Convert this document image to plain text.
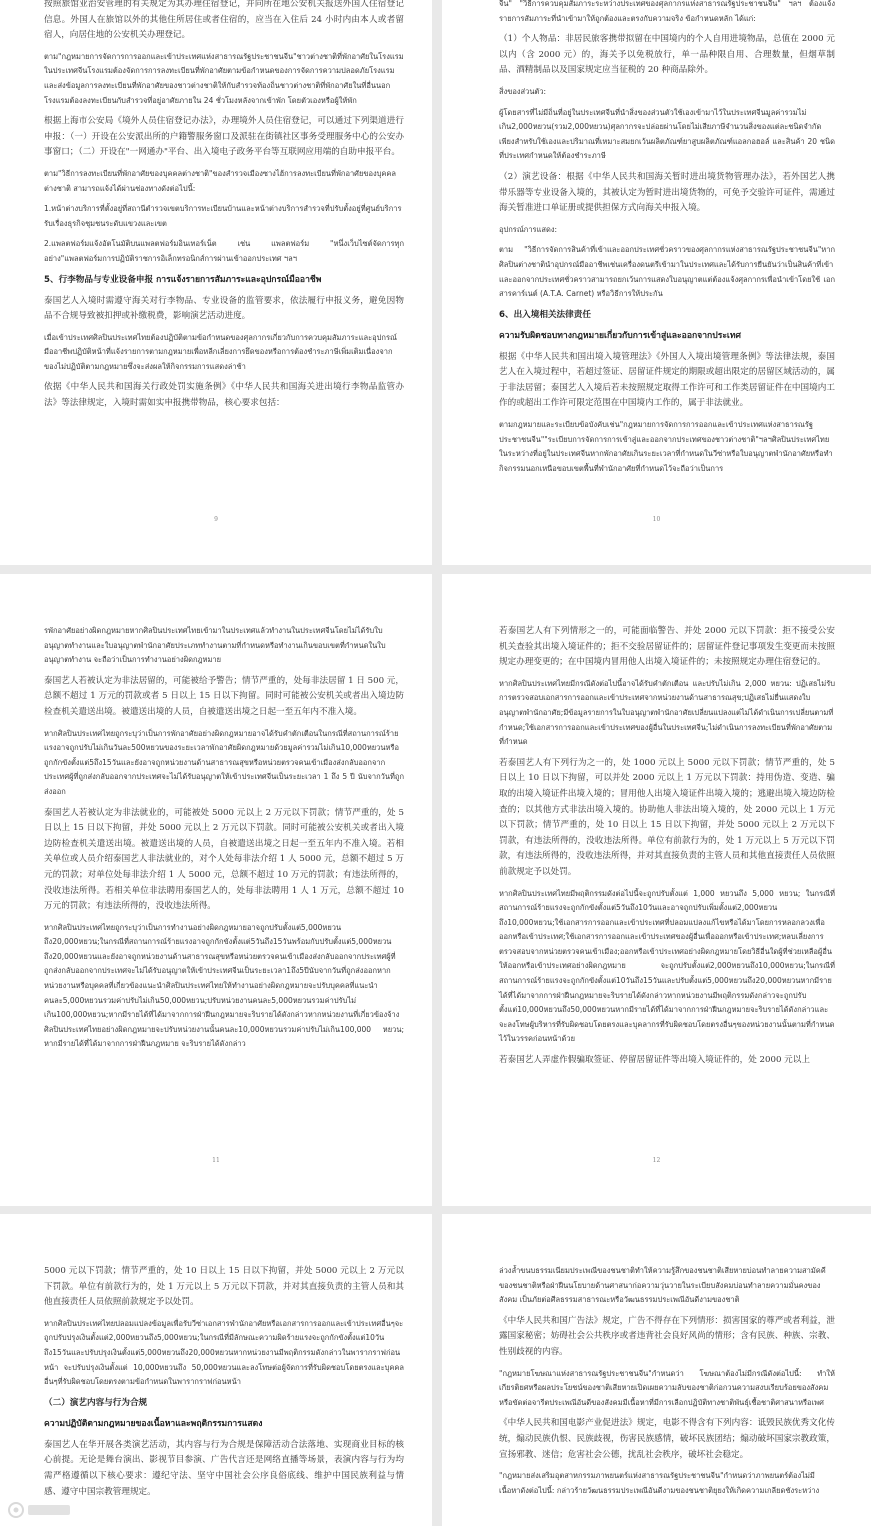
按照旅馆业治安管理的有关规定为其办理住宿登记，并向所在地公安机关报送外国人住宿登记信息。外国人在旅馆以外的其他住所居住或者住宿的，应当在入住后 24 小时内由本人或者留宿人，向居住地的公安机关办理登记。
ตาม"กฎหมายการจัดการการออกและเข้าประเทศแห่งสาธารณรัฐประชาชนจีน"ชาวต่างชาติที่พักอาศัยในโรงแรมในประเทศจีนโรงแรมต้องจัดการการลงทะเบียนที่พักอาศัยตามข้อกำหนดของการจัดการความปลอดภัยโรงแรมและส่งข้อมูลการลงทะเบียนที่พักอาศัยของชาวต่างชาติให้กับสำรวจท้องถิ่นชาวต่างชาติที่พักอาศัยในที่อื่นนอกโรงแรมต้องลงทะเบียนกับสำรวจที่อยู่อาศัยภายใน 24 ชั่วโมงหลังจากเข้าพัก โดยตัวเองหรือผู้ให้พัก
根据上海市公安局《境外人员住宿登记办法》，办理境外人员住宿登记，可以通过下列渠道进行申报：（一）开设在公安派出所的户籍警服务窗口及派驻在街镇社区事务受理服务中心的公安办事窗口；（二）开设在"一网通办"平台、出入境电子政务平台等互联网应用端的自助申报平台。
ตาม"วิธีการลงทะเบียนที่พักอาศัยของบุคคลต่างชาติ"ของสำรวจเมืองซางไฮ้การลงทะเบียนที่พักอาศัยของบุคคลต่างชาติ สามารถแจ้งได้ผ่านช่องทางดังต่อไปนี้:
1.หน้าต่างบริการที่ตั้งอยู่ที่สถานีตำรวจเขตบริการทะเบียนบ้านและหน้าต่างบริการสำรวจที่ปรับตั้งอยู่ที่ศูนย์บริการรับเรื่องธุรกิจชุมชนระดับแขวงและเขต
2.แพลตฟอร์มแจ้งอัตโนมัติบนแพลตฟอร์มอินเทอร์เน็ต เช่น แพลตฟอร์ม "หนึ่งเว็บไซต์จัดการทุกอย่าง"แพลตฟอร์มการปฏิบัติราชการอิเล็กทรอนิกส์การผ่านเข้าออกประเทศ ฯลฯ
5、行李物品与专业设备申报 การแจ้งรายการสัมภาระและอุปกรณ์มืออาชีพ
泰国艺人入境时需遵守海关对行李物品、专业设备的监管要求，依法履行申报义务，避免因物品不合规导致被扣押或补缴税费，影响演艺活动进度。
เมื่อเข้าประเทศศิลปินประเทศไทยต้องปฏิบัติตามข้อกำหนดของศุลกากรเกี่ยวกับการควบคุมสัมภาระและอุปกรณ์มืออาชีพปฏิบัติหน้าที่แจ้งรายการตามกฎหมายเพื่อหลีกเลี่ยงการยึดของหรือการต้องชำระภาษีเพิ่มเติมเนื่องจากของไม่ปฏิบัติตามกฎหมายซึ่งจะส่งผลให้กิจกรรมการแสดงล่าช้า
依据《中华人民共和国海关行政处罚实施条例》《中华人民共和国海关进出境行李物品监管办法》等法律规定，入境时需如实申报携带物品，核心要求包括：
9
จีน" "วิธีการควบคุมสัมภาระระหว่างประเทศของศุลกากรแห่งสาธารณรัฐประชาชนจีน" ฯลฯ ต้องแจ้งรายการสัมภาระที่นำเข้ามาให้ถูกต้องและตรงกับความจริง ข้อกำหนดหลัก ได้แก่:
（1）个人物品：非居民旅客携带拟留在中国境内的个人自用进境物品，总值在 2000 元以内（含 2000 元）的，海关予以免税放行，单一品种限自用、合理数量，但烟草制品、酒精制品以及国家规定应当征税的 20 种商品除外。
สิ่งของส่วนตัว:
ผู้โดยสารที่ไม่มีถิ่นที่อยู่ในประเทศจีนที่นำสิ่งของส่วนตัวใช้เองเข้ามาไว้ในประเทศจีนมูลค่ารวมไม่เกิน2,000หยวน(รวม2,000หยวน)ศุลกากรจะปล่อยผ่านโดยไม่เสียภาษีจำนวนสิ่งของแต่ละชนิดจำกัดเพียงสำหรับใช้เองและปริมาณที่เหมาะสมยกเว้นผลิตภัณฑ์ยาสูบผลิตภัณฑ์แอลกอฮอล์ และสินค้า 20 ชนิดที่ประเทศกำหนดให้ต้องชำระภาษี
（2）演艺设备：根据《中华人民共和国海关暂时进出境货物管理办法》，若外国艺人携带乐器等专业设备入境的，其被认定为暂时进出境货物的，可免予交验许可证件，需通过海关暂准进口单证册或提供担保方式向海关申报入境。
อุปกรณ์การแสดง:
ตาม "วิธีการจัดการสินค้าที่เข้าและออกประเทศชั่วคราวของศุลกากรแห่งสาธารณรัฐประชาชนจีน"หากศิลปินต่างชาตินำอุปกรณ์มืออาชีพเช่นเครื่องดนตรีเข้ามาในประเทศและได้รับการยืนยันว่าเป็นสินค้าที่เข้าและออกจากประเทศชั่วคราวสามารถยกเว้นการแสดงใบอนุญาตแต่ต้องแจ้งศุลกากรเพื่อนำเข้าโดยใช้ เอกสารคาร์เนต์ (A.T.A. Carnet) หรือวิธีการให้ประกัน
6、出入境相关法律责任
ความรับผิดชอบทางกฎหมายเกี่ยวกับการเข้าสู่และออกจากประเทศ
根据《中华人民共和国出境入境管理法》《外国人入境出境管理条例》等法律法规，泰国艺人在入境过程中，若超过签证、居留证件规定的期限或超出限定的居留区域活动的，属于非法居留；泰国艺人入境后若未按照规定取得工作许可和工作类居留证件在中国境内工作的或超出工作许可限定范围在中国境内工作的，属于非法就业。
ตามกฎหมายและระเบียบข้อบังคับเช่น"กฎหมายการจัดการการออกและเข้าประเทศแห่งสาธารณรัฐประชาชนจีน""ระเบียบการจัดการการเข้าสู่และออกจากประเทศของชาวต่างชาติ"ฯลฯศิลปินประเทศไทยในระหว่างที่อยู่ในประเทศจีนหากพักอาศัยเกินระยะเวลาที่กำหนดในวีซ่าหรือใบอนุญาตพำนักอาศัยหรือทำกิจกรรมนอกเหนือขอบเขตพื้นที่พำนักอาศัยที่กำหนดไว้จะถือว่าเป็นการ
10
รพักอาศัยอย่างผิดกฎหมายหากศิลปินประเทศไทยเข้ามาในประเทศแล้วทำงานในประเทศจีนโดยไม่ได้รับใบอนุญาตทำงานและใบอนุญาตพำนักอาศัยประเภททำงานตามที่กำหนดหรือทำงานเกินขอบเขตที่กำหนดในใบอนุญาตทำงาน จะถือว่าเป็นการทำงานอย่างผิดกฎหมาย
泰国艺人若被认定为非法居留的，可能被给予警告；情节严重的，处每非法居留 1 日 500 元，总额不超过 1 万元的罚款或者 5 日以上 15 日以下拘留。同时可能被公安机关或者出入境边防检查机关遣送出境。被遣送出境的人员，自被遣送出境之日起一至五年内不准入境。
หากศิลปินประเทศไทยถูกระบุว่าเป็นการพักอาศัยอย่างผิดกฎหมายอาจได้รับคำตักเตือนในกรณีที่สถานการณ์ร้ายแรงอาจถูกปรับไม่เกินวันละ500หยวนของระยะเวลาพักอาศัยผิดกฎหมายด้วยมูลค่ารวมไม่เกิน10,000หยวนหรือถูกกักขังตั้งแต่5ถึง15วันและยังอาจถูกหน่วยงานด้านสาธารณสุขหรือหน่วยตรวจคนเข้าเมืองส่งกลับออกจากประเทศผู้ที่ถูกส่งกลับออกจากประเทศจะไม่ได้รับอนุญาตให้เข้าประเทศจีนเป็นระยะเวลา 1 ถึง 5 ปี นับจากวันที่ถูกส่งออก
泰国艺人若被认定为非法就业的，可能被处 5000 元以上 2 万元以下罚款；情节严重的，处 5 日以上 15 日以下拘留，并处 5000 元以上 2 万元以下罚款。同时可能被公安机关或者出入境边防检查机关遣送出境。被遣送出境的人员，自被遣送出境之日起一至五年内不准入境。若相关单位或人员介绍泰国艺人非法就业的，对个人处每非法介绍 1 人 5000 元，总额不超过 5 万元的罚款；对单位处每非法介绍 1 人 5000 元，总额不超过 10 万元的罚款；有违法所得的，没收违法所得。若相关单位非法聘用泰国艺人的，处每非法聘用 1 人 1 万元，总额不超过 10 万元的罚款；有违法所得的，没收违法所得。
หากศิลปินประเทศไทยถูกระบุว่าเป็นการทำงานอย่างผิดกฎหมายอาจถูกปรับตั้งแต่5,000หยวนถึง20,000หยวน;ในกรณีที่สถานการณ์ร้ายแรงอาจถูกกักขังตั้งแต่5วันถึง15วันพร้อมกับปรับตั้งแต่5,000หยวนถึง20,000หยวนและยังอาจถูกหน่วยงานด้านสาธารณสุขหรือหน่วยตรวจคนเข้าเมืองส่งกลับออกจากประเทศผู้ที่ถูกส่งกลับออกจากประเทศจะไม่ได้รับอนุญาตให้เข้าประเทศจีนเป็นระยะเวลา1ถึง5ปีนับจากวันที่ถูกส่งออกหากหน่วยงานหรือบุคคลที่เกี่ยวข้องแนะนำศิลปินประเทศไทยให้ทำงานอย่างผิดกฎหมายจะปรับบุคคลที่แนะนำคนละ5,000หยวนรวมค่าปรับไม่เกิน50,000หยวน;ปรับหน่วยงานคนละ5,000หยวนรวมค่าปรับไม่เกิน100,000หยวน;หากมีรายได้ที่ได้มาจากการฝ่าฝืนกฎหมายจะริบรายได้ดังกล่าวหากหน่วยงานที่เกี่ยวข้องจ้างศิลปินประเทศไทยอย่างผิดกฎหมายจะปรับหน่วยงานนั้นคนละ10,000หยวนรวมค่าปรับไม่เกิน100,000 หยวน; หากมีรายได้ที่ได้มาจากการฝ่าฝืนกฎหมาย จะริบรายได้ดังกล่าว
11
若泰国艺人有下列情形之一的，可能面临警告、并处 2000 元以下罚款：拒不接受公安机关查验其出境入境证件的；拒不交验居留证件的；居留证件登记事项发生变更而未按照规定办理变更的；在中国境内冒用他人出境入境证件的；未按照规定办理住宿登记的。
หากศิลปินประเทศไทยมีกรณีดังต่อไปนี้อาจได้รับคำตักเตือน และปรับไม่เกิน 2,000 หยวน: ปฏิเสธไม่รับการตรวจสอบเอกสารการออกและเข้าประเทศจากหน่วยงานด้านสาธารณสุข;ปฏิเสธไม่ยื่นแสดงใบอนุญาตพำนักอาศัย;มีข้อมูลรายการในใบอนุญาตพำนักอาศัยเปลี่ยนแปลงแต่ไม่ได้ดำเนินการเปลี่ยนตามที่กำหนด;ใช้เอกสารการออกและเข้าประเทศของผู้อื่นในประเทศจีน;ไม่ดำเนินการลงทะเบียนที่พักอาศัยตามที่กำหนด
若泰国艺人有下列行为之一的，处 1000 元以上 5000 元以下罚款；情节严重的，处 5 日以上 10 日以下拘留，可以并处 2000 元以上 1 万元以下罚款：持用伪造、变造、骗取的出境入境证件出境入境的；冒用他人出境入境证件出境入境的；逃避出境入境边防检查的；以其他方式非法出境入境的。协助他人非法出境入境的，处 2000 元以上 1 万元以下罚款；情节严重的，处 10 日以上 15 日以下拘留，并处 5000 元以上 2 万元以下罚款，有违法所得的，没收违法所得。单位有前款行为的，处 1 万元以上 5 万元以下罚款，有违法所得的，没收违法所得，并对其直接负责的主管人员和其他直接责任人员依照前款规定予以处罚。
หากศิลปินประเทศไทยมีพฤติกรรมดังต่อไปนี้จะถูกปรับตั้งแต่ 1,000 หยวนถึง 5,000 หยวน; ในกรณีที่สถานการณ์ร้ายแรงจะถูกกักขังตั้งแต่5วันถึง10วันและอาจถูกปรับเพิ่มตั้งแต่2,000หยวนถึง10,000หยวน;ใช้เอกสารการออกและเข้าประเทศที่ปลอมแปลงแก้ไขหรือได้มาโดยการหลอกลวงเพื่อออกหรือเข้าประเทศ;ใช้เอกสารการออกและเข้าประเทศของผู้อื่นเพื่อออกหรือเข้าประเทศ;หลบเลี่ยงการตรวจสอบจากหน่วยตรวจคนเข้าเมือง;ออกหรือเข้าประเทศอย่างผิดกฎหมายโดยวิธีอื่นใดผู้ที่ช่วยเหลือผู้อื่นให้ออกหรือเข้าประเทศอย่างผิดกฎหมาย จะถูกปรับตั้งแต่2,000หยวนถึง10,000หยวน;ในกรณีที่สถานการณ์ร้ายแรงจะถูกกักขังตั้งแต่10วันถึง15วันและปรับตั้งแต่5,000หยวนถึง20,000หยวนหากมีรายได้ที่ได้มาจากการฝ่าฝืนกฎหมายจะริบรายได้ดังกล่าวหากหน่วยงานมีพฤติกรรมดังกล่าวจะถูกปรับตั้งแต่10,000หยวนถึง50,000หยวนหากมีรายได้ที่ได้มาจากการฝ่าฝืนกฎหมายจะริบรายได้ดังกล่าวและจะลงโทษผู้บริหารที่รับผิดชอบโดยตรงและบุคลากรที่รับผิดชอบโดยตรงอื่นๆของหน่วยงานนั้นตามที่กำหนดไว้ในวรรคก่อนหน้าด้วย
若泰国艺人弄虚作假骗取签证、停留居留证件等出境入境证件的，处 2000 元以上
12
5000 元以下罚款；情节严重的，处 10 日以上 15 日以下拘留，并处 5000 元以上 2 万元以下罚款。单位有前款行为的，处 1 万元以上 5 万元以下罚款，并对其直接负责的主管人员和其他直接责任人员依照前款规定予以处罚。
หากศิลปินประเทศไทยปลอมแปลงข้อมูลเพื่อรับวีซ่าเอกสารพำนักอาศัยหรือเอกสารการออกและเข้าประเทศอื่นๆจะถูกปรับปรุงเงินตั้งแต่2,000หยวนถึง5,000หยวน;ในกรณีที่มีลักษณะความผิดร้ายแรงจะถูกกักขังตั้งแต่10วันถึง15วันและปรับปรุงเงินตั้งแต่5,000หยวนถึง20,000หยวนหากหน่วยงานมีพฤติกรรมดังกล่าวในพารากราฟก่อนหน้า จะปรับปรุงเงินตั้งแต่ 10,000หยวนถึง 50,000หยวนและลงโทษต่อผู้จัดการที่รับผิดชอบโดยตรงและบุคคลอื่นๆที่รับผิดชอบโดยตรงตามข้อกำหนดในพารากราฟก่อนหน้า
（二）演艺内容与行为合规
ความปฏิบัติตามกฎหมายของเนื้อหาและพฤติกรรมการแสดง
泰国艺人在华开展各类演艺活动，其内容与行为合规是保障活动合法落地、实现商业目标的核心前提。无论是舞台演出、影视节目参演、广告代言还是网络直播等场景，表演内容与行为均需严格遵循以下核心要求：遵纪守法、坚守中国社会公序良俗底线、维护中国民族利益与情感、遵守中国宗教管理规定。
ล่วงล้ำขนบธรรมเนียมประเพณีของชนชาติทำให้ความรู้สึกของชนชาติเสียหายบ่อนทำลายความสามัคคีของชนชาติหรือฝ่าฝืนนโยบายด้านศาสนาก่อความวุ่นวายในระเบียบสังคมบ่อนทำลายความมั่นคงของสังคม เป็นภัยต่อศีลธรรมสาธารณะหรือวัฒนธรรมประเพณีอันดีงามของชาติ
《中华人民共和国广告法》规定，广告不得存在下列情形：损害国家的尊严或者利益，泄露国家秘密；妨碍社会公共秩序或者违背社会良好风尚的情形；含有民族、种族、宗教、性别歧视的内容。
"กฎหมายโฆษณาแห่งสาธารณรัฐประชาชนจีน"กำหนดว่า โฆษณาต้องไม่มีกรณีดังต่อไปนี้: ทำให้เกียรติยศหรือผลประโยชน์ของชาติเสียหายเปิดเผยความลับของชาติก่อกวนความสงบเรียบร้อยของสังคมหรือขัดต่อจารีตประเพณีอันดีของสังคมมีเนื้อหาที่มีการเลือกปฏิบัติทางชาติพันธุ์เชื้อชาติศาสนาหรือเพศ
《中华人民共和国电影产业促进法》规定，电影不得含有下列内容：诋毁民族优秀文化传统，煽动民族仇恨、民族歧视，伤害民族感情，破坏民族团结；煽动破坏国家宗教政策，宣扬邪教、迷信；危害社会公德，扰乱社会秩序，破坏社会稳定。
"กฎหมายส่งเสริมอุตสาหกรรมภาพยนตร์แห่งสาธารณรัฐประชาชนจีน"กำหนดว่าภาพยนตร์ต้องไม่มีเนื้อหาดังต่อไปนี้: กล่าวร้ายวัฒนธรรมประเพณีอันดีงามของชนชาติยุยงให้เกิดความเกลียดชังระหว่าง
